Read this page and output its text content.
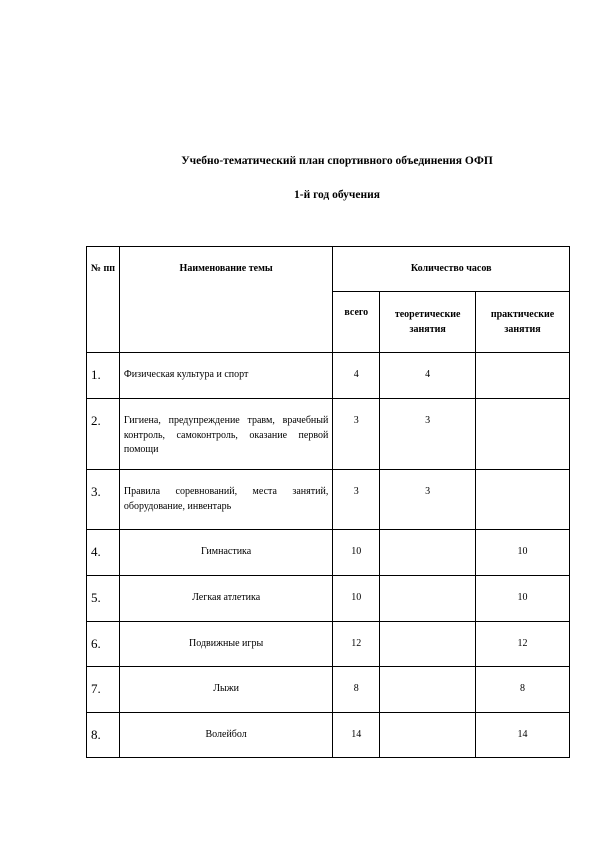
Учебно-тематический план спортивного объединения ОФП
1-й год обучения
№ пп	Наименование темы	Количество часов		
		всего	теоретические занятия	практические занятия
1.	Физическая культура и спорт	4	4	
2.	Гигиена, предупреждение травм, врачебный контроль, самоконтроль, оказание первой помощи	3	3	
3.	Правила соревнований, места занятий, оборудование, инвентарь	3	3	
4.	Гимнастика	10		10
5.	Легкая атлетика	10		10
6.	Подвижные игры	12		12
7.	Лыжи	8		8
8.	Волейбол	14		14
